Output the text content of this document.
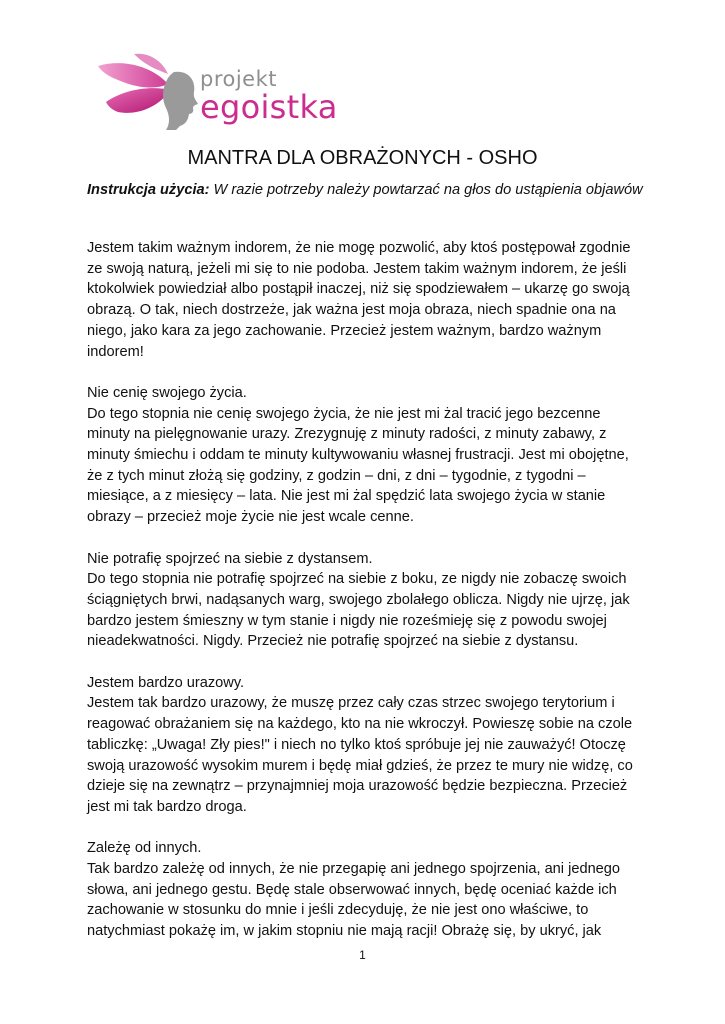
projekt
egoistka
MANTRA DLA OBRAŻONYCH - OSHO
Instrukcja użycia: W razie potrzeby należy powtarzać na głos do ustąpienia objawów

Jestem takim ważnym indorem, że nie mogę pozwolić, aby ktoś postępował zgodnie
ze swoją naturą, jeżeli mi się to nie podoba. Jestem takim ważnym indorem, że jeśli
ktokolwiek powiedział albo postąpił inaczej, niż się spodziewałem – ukarzę go swoją
obrazą. O tak, niech dostrzeże, jak ważna jest moja obraza, niech spadnie ona na
niego, jako kara za jego zachowanie. Przecież jestem ważnym, bardzo ważnym
indorem!

Nie cenię swojego życia.
Do tego stopnia nie cenię swojego życia, że nie jest mi żal tracić jego bezcenne
minuty na pielęgnowanie urazy. Zrezygnuję z minuty radości, z minuty zabawy, z
minuty śmiechu i oddam te minuty kultywowaniu własnej frustracji. Jest mi obojętne,
że z tych minut złożą się godziny, z godzin – dni, z dni – tygodnie, z tygodni –
miesiące, a z miesięcy – lata. Nie jest mi żal spędzić lata swojego życia w stanie
obrazy – przecież moje życie nie jest wcale cenne.

Nie potrafię spojrzeć na siebie z dystansem.
Do tego stopnia nie potrafię spojrzeć na siebie z boku, ze nigdy nie zobaczę swoich
ściągniętych brwi, nadąsanych warg, swojego zbolałego oblicza. Nigdy nie ujrzę, jak
bardzo jestem śmieszny w tym stanie i nigdy nie roześmieję się z powodu swojej
nieadekwatności. Nigdy. Przecież nie potrafię spojrzeć na siebie z dystansu.

Jestem bardzo urazowy.
Jestem tak bardzo urazowy, że muszę przez cały czas strzec swojego terytorium i
reagować obrażaniem się na każdego, kto na nie wkroczył. Powieszę sobie na czole
tabliczkę: „Uwaga! Zły pies!" i niech no tylko ktoś spróbuje jej nie zauważyć! Otoczę
swoją urazowość wysokim murem i będę miał gdzieś, że przez te mury nie widzę, co
dzieje się na zewnątrz – przynajmniej moja urazowość będzie bezpieczna. Przecież
jest mi tak bardzo droga.

Zależę od innych.
Tak bardzo zależę od innych, że nie przegapię ani jednego spojrzenia, ani jednego
słowa, ani jednego gestu. Będę stale obserwować innych, będę oceniać każde ich
zachowanie w stosunku do mnie i jeśli zdecyduję, że nie jest ono właściwe, to
natychmiast pokażę im, w jakim stopniu nie mają racji! Obrażę się, by ukryć, jak

1
